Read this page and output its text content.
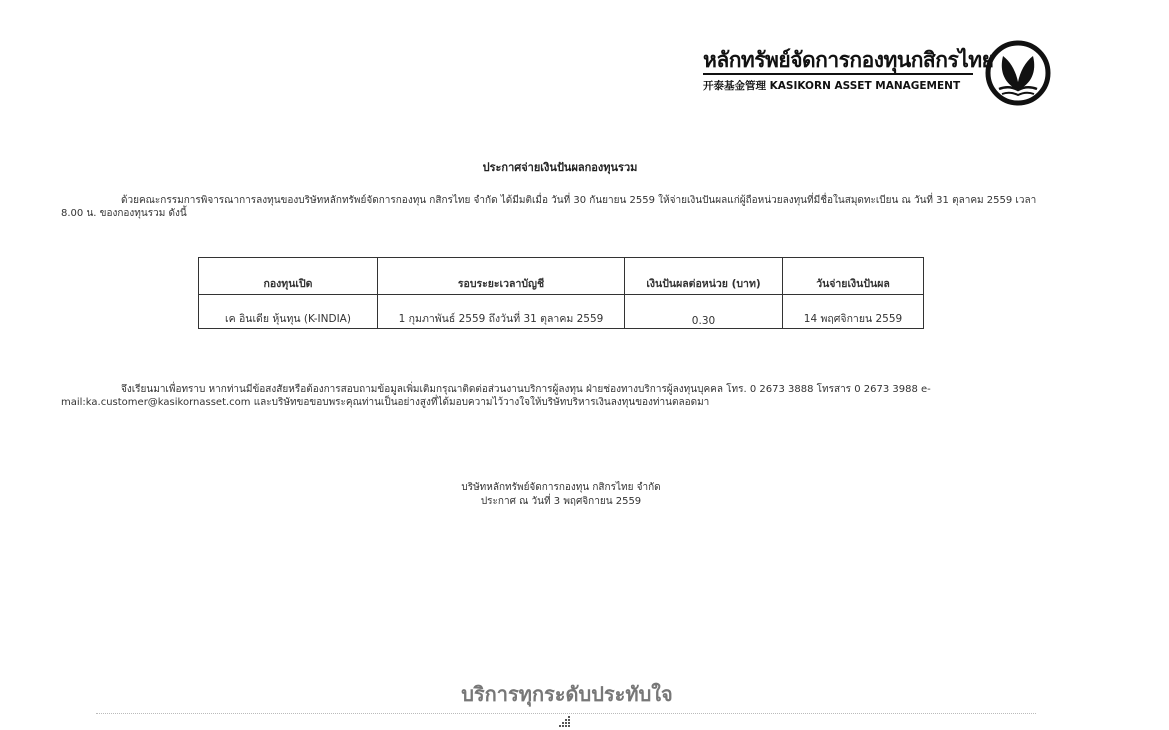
หลักทรัพย์จัดการกองทุนกสิกรไทย
开泰基金管理 KASIKORN ASSET MANAGEMENT
ประกาศจ่ายเงินปันผลกองทุนรวม
ด้วยคณะกรรมการพิจารณาการลงทุนของบริษัทหลักทรัพย์จัดการกองทุน กสิกรไทย จำกัด ได้มีมติเมื่อ วันที่ 30 กันยายน 2559 ให้จ่ายเงินปันผลแก่ผู้ถือหน่วยลงทุนที่มีชื่อในสมุดทะเบียน ณ วันที่ 31 ตุลาคม 2559 เวลา 8.00 น. ของกองทุนรวม ดังนี้
กองทุนเปิด	รอบระยะเวลาบัญชี	เงินปันผลต่อหน่วย (บาท)	วันจ่ายเงินปันผล
เค อินเดีย หุ้นทุน (K-INDIA)	1 กุมภาพันธ์ 2559 ถึงวันที่ 31 ตุลาคม 2559	0.30	14 พฤศจิกายน 2559
จึงเรียนมาเพื่อทราบ หากท่านมีข้อสงสัยหรือต้องการสอบถามข้อมูลเพิ่มเติมกรุณาติดต่อส่วนงานบริการผู้ลงทุน ฝ่ายช่องทางบริการผู้ลงทุนบุคคล โทร. 0 2673 3888 โทรสาร 0 2673 3988 e-mail:ka.customer@kasikornasset.com และบริษัทขอขอบพระคุณท่านเป็นอย่างสูงที่ได้มอบความไว้วางใจให้บริษัทบริหารเงินลงทุนของท่านตลอดมา
บริษัทหลักทรัพย์จัดการกองทุน กสิกรไทย จำกัด
ประกาศ ณ วันที่ 3 พฤศจิกายน 2559
บริการทุกระดับประทับใจ
